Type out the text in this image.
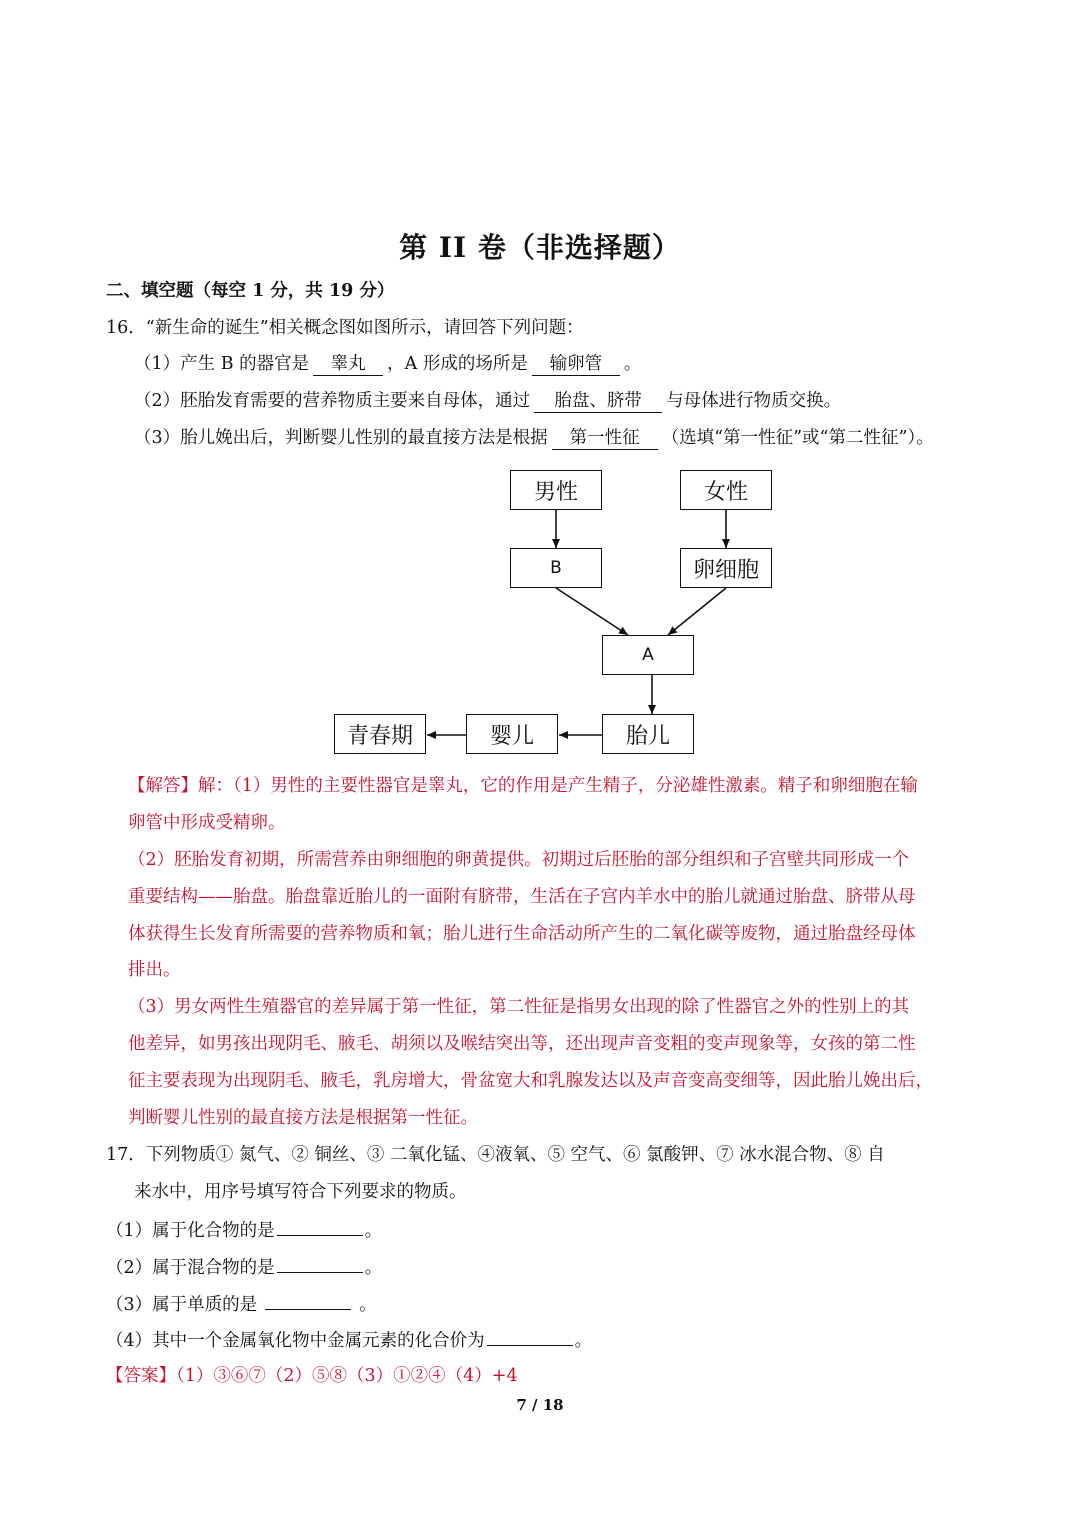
第 II 卷（非选择题）
二、填空题（每空 1 分，共 19 分）
16．“新生命的诞生”相关概念图如图所示，请回答下列问题：
（1）产生 B 的器官是 睾丸 ，A 形成的场所是 输卵管 。
（2）胚胎发育需要的营养物质主要来自母体，通过 胎盘、脐带 与母体进行物质交换。
（3）胎儿娩出后，判断婴儿性别的最直接方法是根据 第一性征 （选填“第一性征”或“第二性征”）。
男性	女性
B	卵细胞
A
胎儿
婴儿
青春期
【解答】解：（1）男性的主要性器官是睾丸，它的作用是产生精子，分泌雄性激素。精子和卵细胞在输
卵管中形成受精卵。
（2）胚胎发育初期，所需营养由卵细胞的卵黄提供。初期过后胚胎的部分组织和子宫壁共同形成一个
重要结构——胎盘。胎盘靠近胎儿的一面附有脐带，生活在子宫内羊水中的胎儿就通过胎盘、脐带从母
体获得生长发育所需要的营养物质和氧；胎儿进行生命活动所产生的二氧化碳等废物，通过胎盘经母体
排出。
（3）男女两性生殖器官的差异属于第一性征，第二性征是指男女出现的除了性器官之外的性别上的其
他差异，如男孩出现阴毛、腋毛、胡须以及喉结突出等，还出现声音变粗的变声现象等，女孩的第二性
征主要表现为出现阴毛、腋毛，乳房增大，骨盆宽大和乳腺发达以及声音变高变细等，因此胎儿娩出后，
判断婴儿性别的最直接方法是根据第一性征。
17．下列物质① 氮气、② 铜丝、③ 二氧化锰、④液氧、⑤ 空气、⑥ 氯酸钾、⑦ 冰水混合物、⑧ 自
来水中，用序号填写符合下列要求的物质。
（1）属于化合物的是	。
（2）属于混合物的是	。
（3）属于单质的是	。
（4）其中一个金属氧化物中金属元素的化合价为	。
【答案】（1）③⑥⑦（2）⑤⑧（3）①②④（4）+4
7 / 18
